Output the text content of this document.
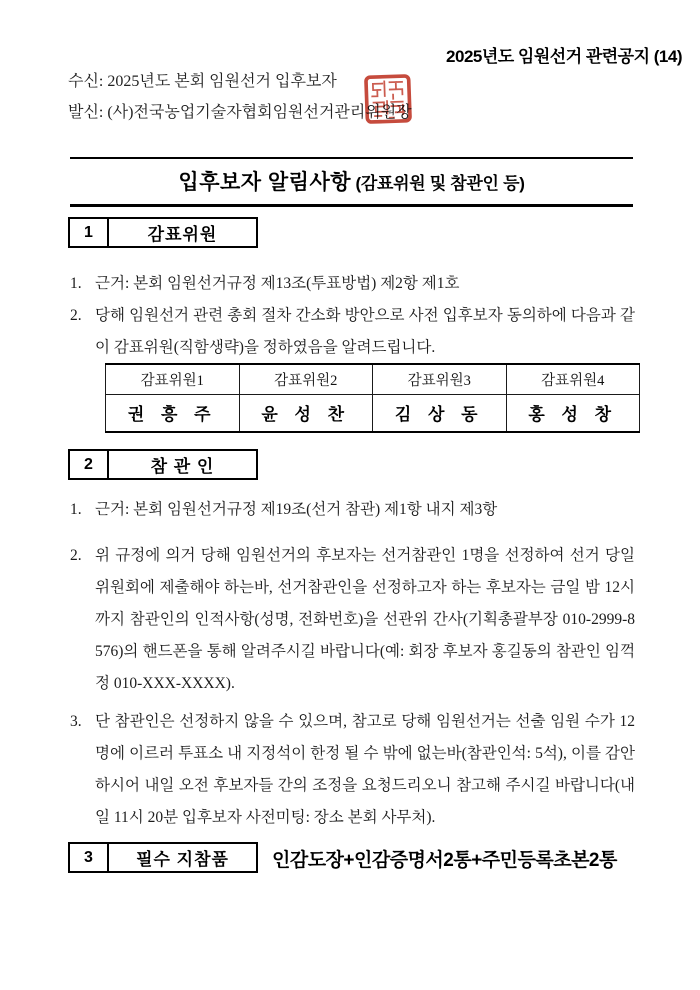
2025년도 임원선거 관련공지 (14)
수신: 2025년도 본회 임원선거 입후보자
발신: (사)전국농업기술자협회임원선거관리위원장
입후보자 알림사항 (감표위원 및 참관인 등)
1	감표위원
1. 근거: 본회 임원선거규정 제13조(투표방법) 제2항 제1호
2. 당해 임원선거 관련 총회 절차 간소화 방안으로 사전 입후보자 동의하에 다음과 같이 감표위원(직함생략)을 정하였음을 알려드립니다.
감표위원1	감표위원2	감표위원3	감표위원4
권 흥 주	윤 성 찬	김 상 동	홍 성 창
2	참 관 인
1. 근거: 본회 임원선거규정 제19조(선거 참관) 제1항 내지 제3항
2. 위 규정에 의거 당해 임원선거의 후보자는 선거참관인 1명을 선정하여 선거 당일 위원회에 제출해야 하는바, 선거참관인을 선정하고자 하는 후보자는 금일 밤 12시까지 참관인의 인적사항(성명, 전화번호)을 선관위 간사(기획총괄부장 010-2999-8576)의 핸드폰을 통해 알려주시길 바랍니다(예: 회장 후보자 홍길동의 참관인 임꺽정 010-XXX-XXXX).
3. 단 참관인은 선정하지 않을 수 있으며, 참고로 당해 임원선거는 선출 임원 수가 12명에 이르러 투표소 내 지정석이 한정 될 수 밖에 없는바(참관인석: 5석), 이를 감안하시어 내일 오전 후보자들 간의 조정을 요청드리오니 참고해 주시길 바랍니다(내일 11시 20분 입후보자 사전미팅: 장소 본회 사무처).
3	필수 지참품	인감도장+인감증명서2통+주민등록초본2통
